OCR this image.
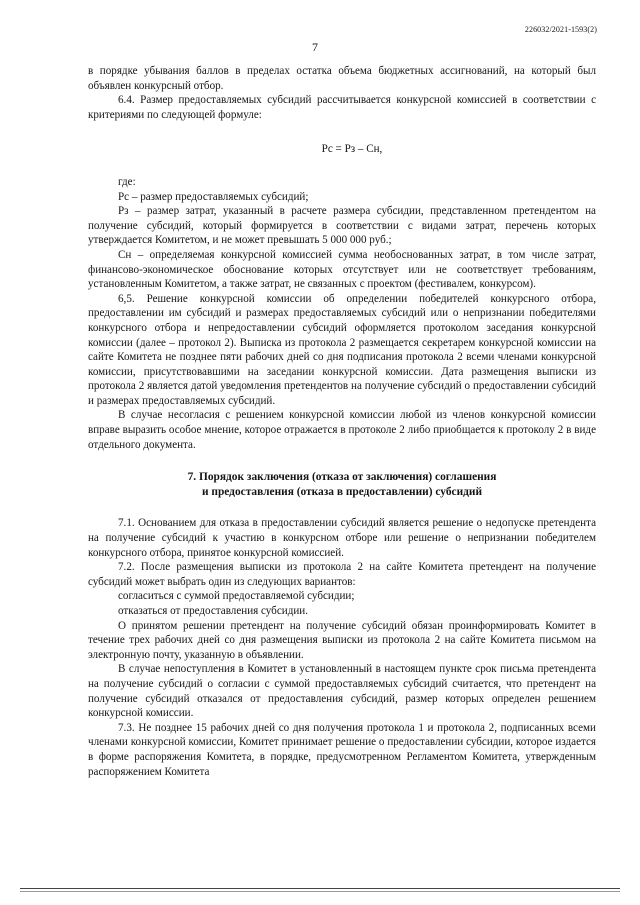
226032/2021-1593(2)
7

в порядке убывания баллов в пределах остатка объема бюджетных ассигнований, на который был объявлен конкурсный отбор.

6.4. Размер предоставляемых субсидий рассчитывается конкурсной комиссией в соответствии с критериями по следующей формуле:

Рс = Рз – Сн,

где:

Рс – размер предоставляемых субсидий;

Рз – размер затрат, указанный в расчете размера субсидии, представленном претендентом на получение субсидий, который формируется в соответствии с видами затрат, перечень которых утверждается Комитетом, и не может превышать 5 000 000 руб.;

Сн – определяемая конкурсной комиссией сумма необоснованных затрат, в том числе затрат, финансово-экономическое обоснование которых отсутствует или не соответствует требованиям, установленным Комитетом, а также затрат, не связанных с проектом (фестивалем, конкурсом).

6,5. Решение конкурсной комиссии об определении победителей конкурсного отбора, предоставлении им субсидий и размерах предоставляемых субсидий или о непризнании победителями конкурсного отбора и непредоставлении субсидий оформляется протоколом заседания конкурсной комиссии (далее – протокол 2). Выписка из протокола 2 размещается секретарем конкурсной комиссии на сайте Комитета не позднее пяти рабочих дней со дня подписания протокола 2 всеми членами конкурсной комиссии, присутствовавшими на заседании конкурсной комиссии. Дата размещения выписки из протокола 2 является датой уведомления претендентов на получение субсидий о предоставлении субсидий и размерах предоставляемых субсидий.

В случае несогласия с решением конкурсной комиссии любой из членов конкурсной комиссии вправе выразить особое мнение, которое отражается в протоколе 2 либо приобщается к протоколу 2 в виде отдельного документа.

7. Порядок заключения (отказа от заключения) соглашения
и предоставления (отказа в предоставлении) субсидий

7.1. Основанием для отказа в предоставлении субсидий является решение о недопуске претендента на получение субсидий к участию в конкурсном отборе или решение о непризнании победителем конкурсного отбора, принятое конкурсной комиссией.

7.2. После размещения выписки из протокола 2 на сайте Комитета претендент на получение субсидий может выбрать один из следующих вариантов:

согласиться с суммой предоставляемой субсидии;

отказаться от предоставления субсидии.

О принятом решении претендент на получение субсидий обязан проинформировать Комитет в течение трех рабочих дней со дня размещения выписки из протокола 2 на сайте Комитета письмом на электронную почту, указанную в объявлении.

В случае непоступления в Комитет в установленный в настоящем пункте срок письма претендента на получение субсидий о согласии с суммой предоставляемых субсидий считается, что претендент на получение субсидий отказался от предоставления субсидий, размер которых определен решением конкурсной комиссии.

7.3. Не позднее 15 рабочих дней со дня получения протокола 1 и протокола 2, подписанных всеми членами конкурсной комиссии, Комитет принимает решение о предоставлении субсидии, которое издается в форме распоряжения Комитета, в порядке, предусмотренном Регламентом Комитета, утвержденным распоряжением Комитета
